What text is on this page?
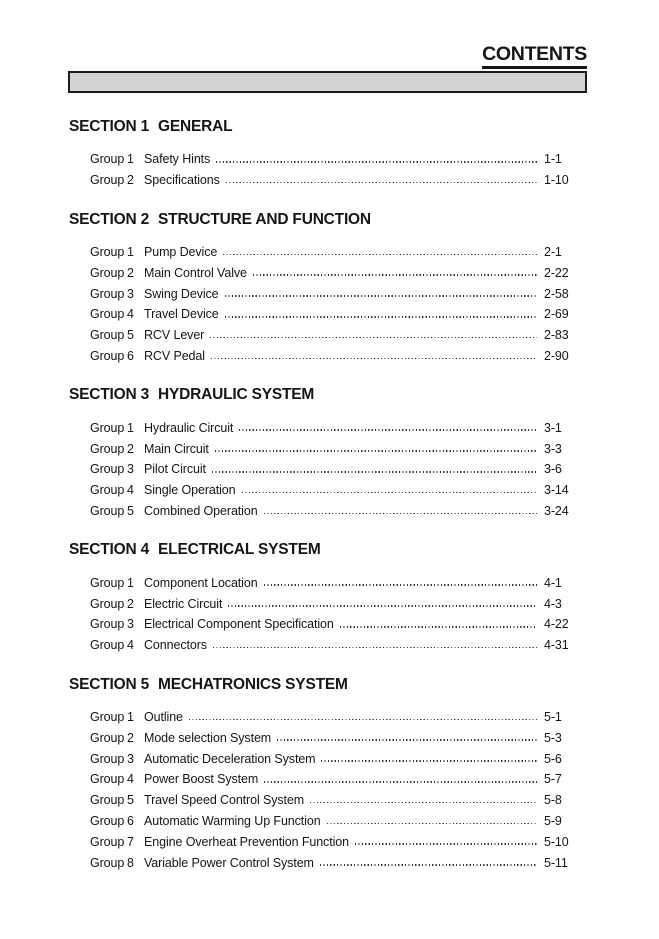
CONTENTS
SECTION 1 GENERAL
Group 1 Safety Hints	1-1
Group 2 Specifications	1-10
SECTION 2 STRUCTURE AND FUNCTION
Group 1 Pump Device	2-1
Group 2 Main Control Valve	2-22
Group 3 Swing Device	2-58
Group 4 Travel Device	2-69
Group 5 RCV Lever	2-83
Group 6 RCV Pedal	2-90
SECTION 3 HYDRAULIC SYSTEM
Group 1 Hydraulic Circuit	3-1
Group 2 Main Circuit	3-3
Group 3 Pilot Circuit	3-6
Group 4 Single Operation	3-14
Group 5 Combined Operation	3-24
SECTION 4 ELECTRICAL SYSTEM
Group 1 Component Location	4-1
Group 2 Electric Circuit	4-3
Group 3 Electrical Component Specification	4-22
Group 4 Connectors	4-31
SECTION 5 MECHATRONICS SYSTEM
Group 1 Outline	5-1
Group 2 Mode selection System	5-3
Group 3 Automatic Deceleration System	5-6
Group 4 Power Boost System	5-7
Group 5 Travel Speed Control System	5-8
Group 6 Automatic Warming Up Function	5-9
Group 7 Engine Overheat Prevention Function	5-10
Group 8 Variable Power Control System	5-11
